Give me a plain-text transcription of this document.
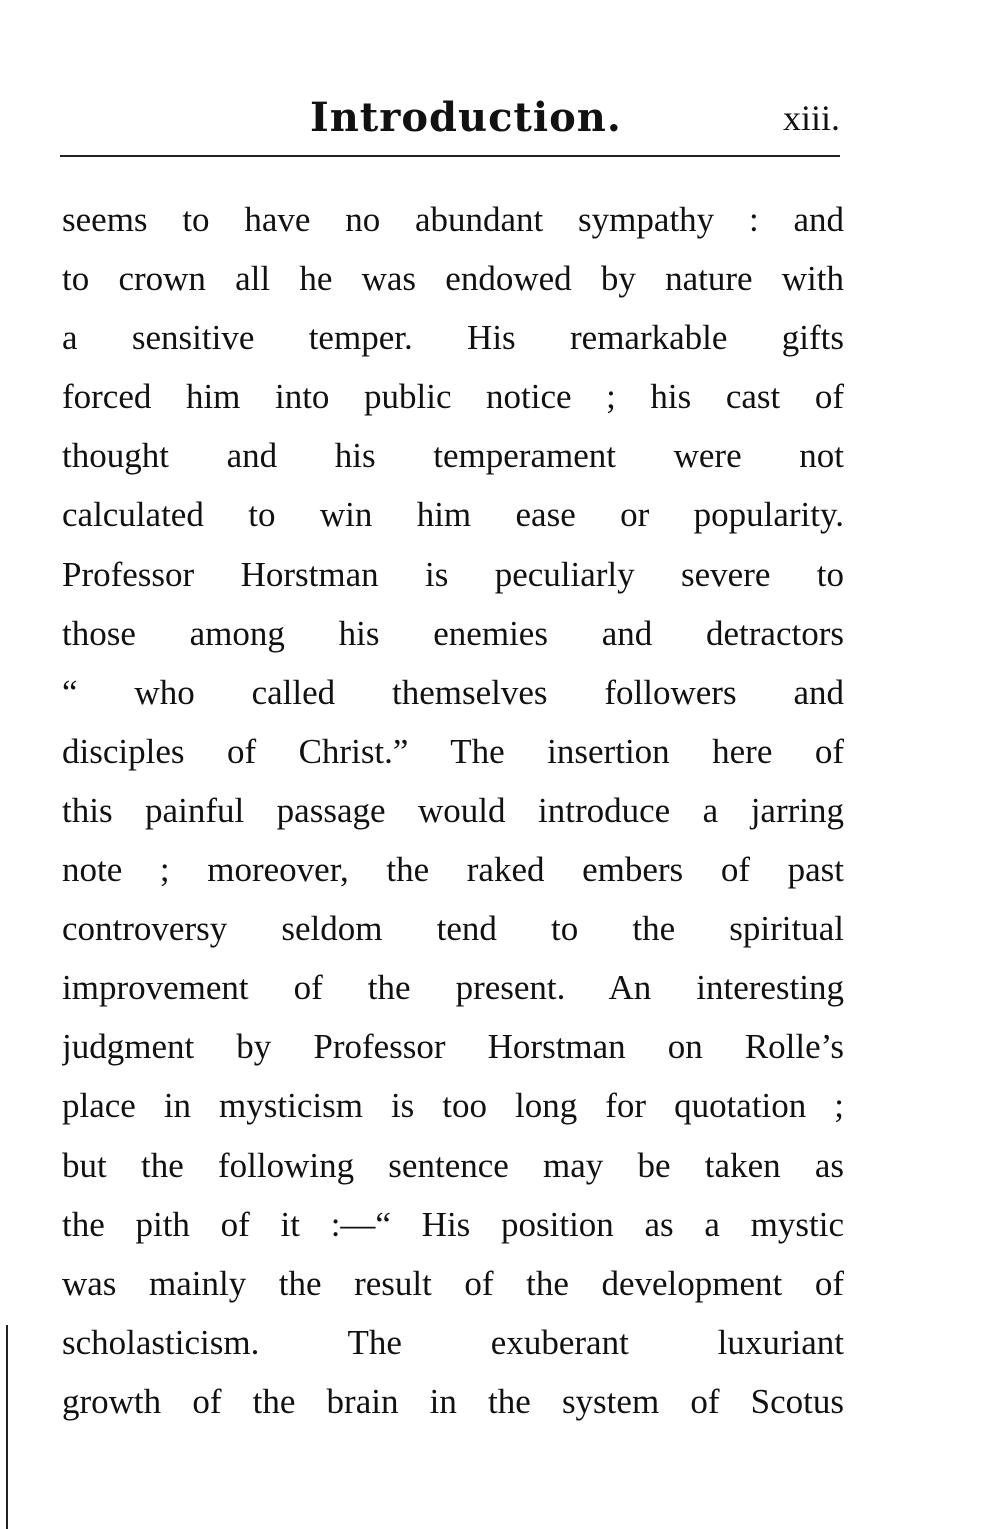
Introduction.	xiii.
seems to have no abundant sympathy : and
to crown all he was endowed by nature with
a sensitive temper. His remarkable gifts
forced him into public notice ; his cast of
thought and his temperament were not
calculated to win him ease or popularity.
Professor Horstman is peculiarly severe to
those among his enemies and detractors
“ who called themselves followers and
disciples of Christ.” The insertion here of
this painful passage would introduce a jarring
note ; moreover, the raked embers of past
controversy seldom tend to the spiritual
improvement of the present. An interesting
judgment by Professor Horstman on Rolle’s
place in mysticism is too long for quotation ;
but the following sentence may be taken as
the pith of it :—“ His position as a mystic
was mainly the result of the development of
scholasticism. The exuberant luxuriant
growth of the brain in the system of Scotus
